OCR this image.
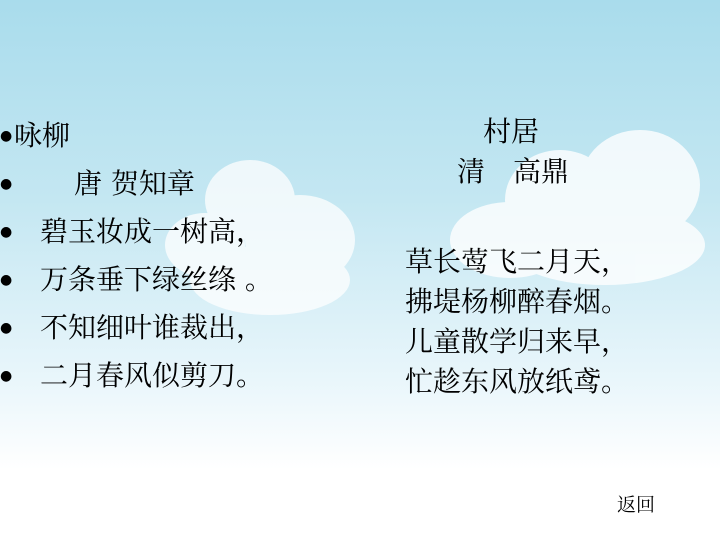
● 咏柳
● 唐 贺知章
● 碧玉妆成一树高，
● 万条垂下绿丝绦 。
● 不知细叶谁裁出，
● 二月春风似剪刀。
村居
清　高鼎
草长莺飞二月天，
拂堤杨柳醉春烟。
儿童散学归来早，
忙趁东风放纸鸢。
返回
